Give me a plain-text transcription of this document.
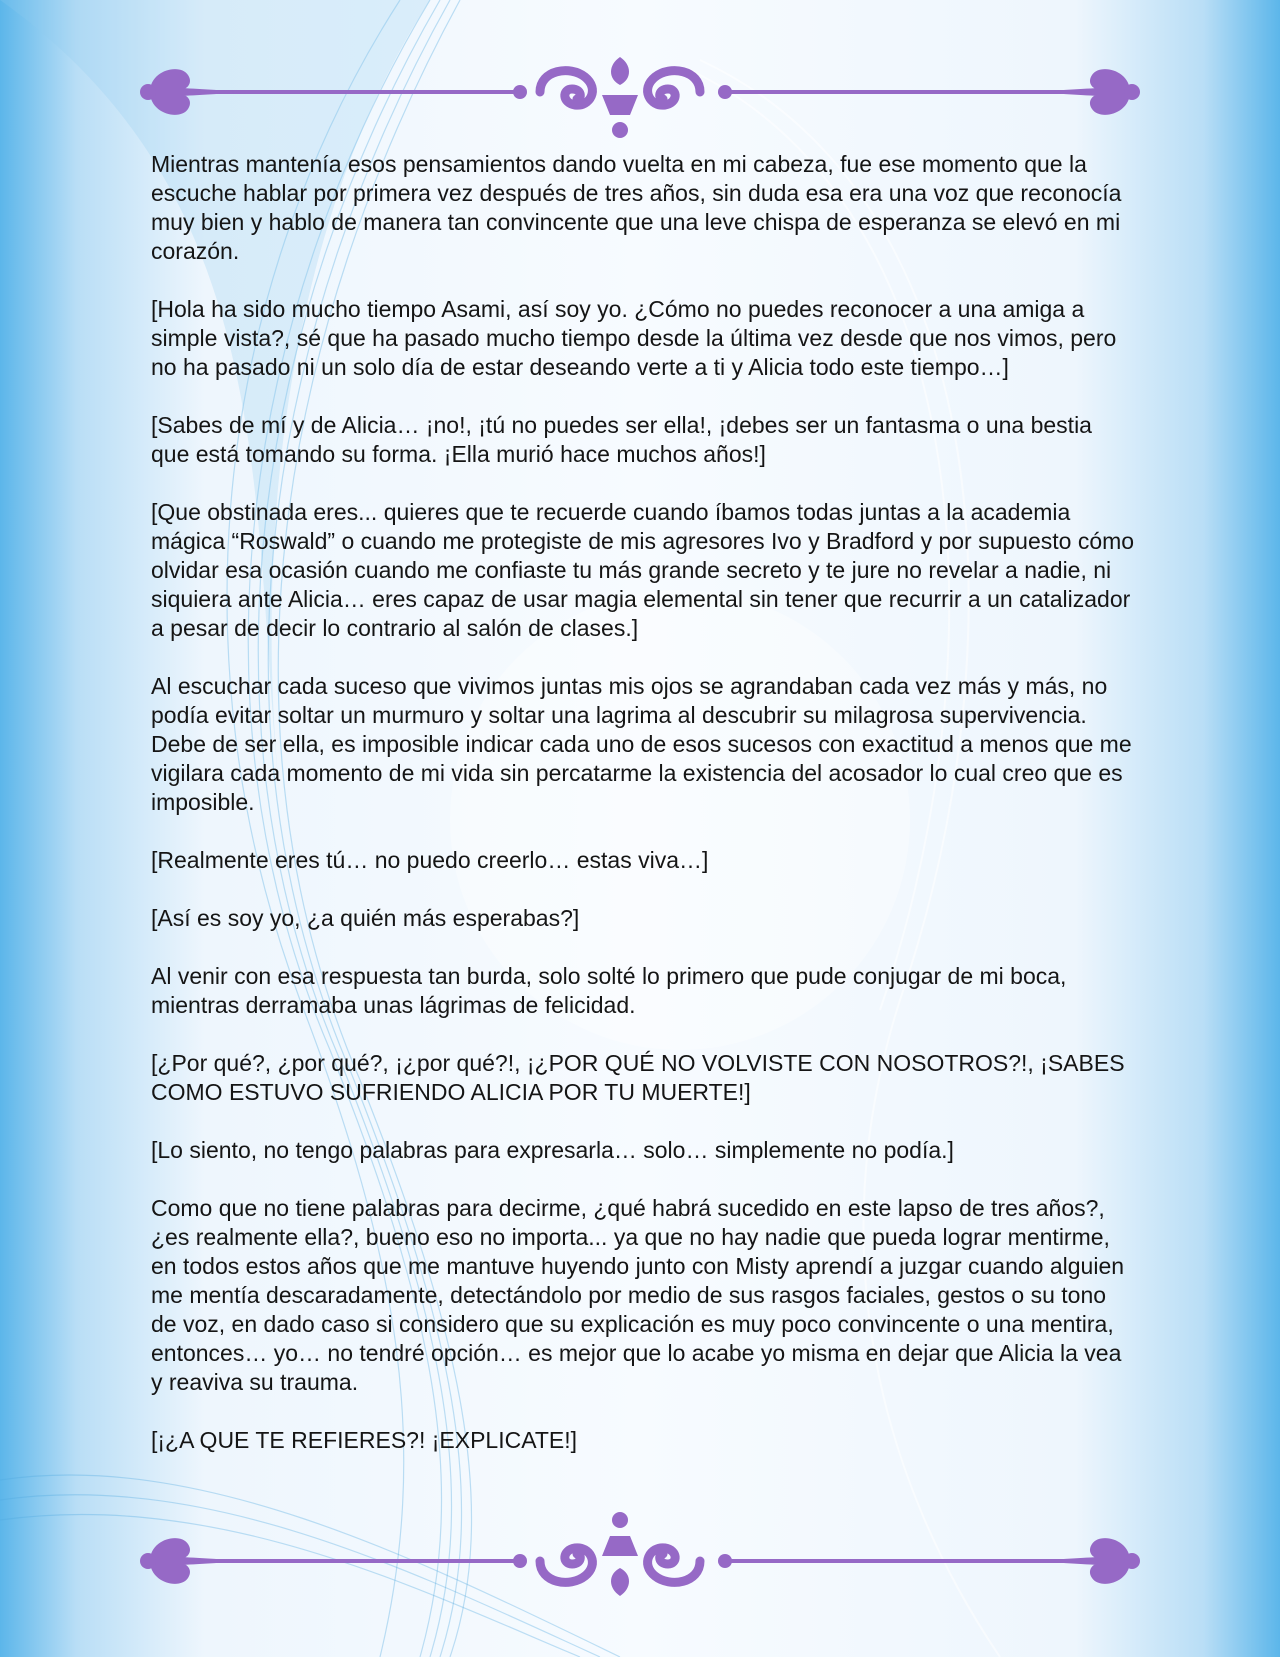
Mientras mantenía esos pensamientos dando vuelta en mi cabeza, fue ese momento que la escuche hablar por primera vez después de tres años, sin duda esa era una voz que reconocía muy bien y hablo de manera tan convincente que una leve chispa de esperanza se elevó en mi corazón.

[Hola ha sido mucho tiempo Asami, así soy yo. ¿Cómo no puedes reconocer a una amiga a simple vista?, sé que ha pasado mucho tiempo desde la última vez desde que nos vimos, pero no ha pasado ni un solo día de estar deseando verte a ti y Alicia todo este tiempo…]

[Sabes de mí y de Alicia… ¡no!, ¡tú no puedes ser ella!, ¡debes ser un fantasma o una bestia que está tomando su forma. ¡Ella murió hace muchos años!]

[Que obstinada eres... quieres que te recuerde cuando íbamos todas juntas a la academia mágica “Roswald” o cuando me protegiste de mis agresores Ivo y Bradford y por supuesto cómo olvidar esa ocasión cuando me confiaste tu más grande secreto y te jure no revelar a nadie, ni siquiera ante Alicia… eres capaz de usar magia elemental sin tener que recurrir a un catalizador a pesar de decir lo contrario al salón de clases.]

Al escuchar cada suceso que vivimos juntas mis ojos se agrandaban cada vez más y más, no podía evitar soltar un murmuro y soltar una lagrima al descubrir su milagrosa supervivencia. Debe de ser ella, es imposible indicar cada uno de esos sucesos con exactitud a menos que me vigilara cada momento de mi vida sin percatarme la existencia del acosador lo cual creo que es imposible.

[Realmente eres tú… no puedo creerlo… estas viva…]

[Así es soy yo, ¿a quién más esperabas?]

Al venir con esa respuesta tan burda, solo solté lo primero que pude conjugar de mi boca, mientras derramaba unas lágrimas de felicidad.

[¿Por qué?, ¿por qué?, ¡¿por qué?!, ¡¿POR QUÉ NO VOLVISTE CON NOSOTROS?!, ¡SABES COMO ESTUVO SUFRIENDO ALICIA POR TU MUERTE!]

[Lo siento, no tengo palabras para expresarla… solo… simplemente no podía.]

Como que no tiene palabras para decirme, ¿qué habrá sucedido en este lapso de tres años?, ¿es realmente ella?, bueno eso no importa... ya que no hay nadie que pueda lograr mentirme, en todos estos años que me mantuve huyendo junto con Misty aprendí a juzgar cuando alguien me mentía descaradamente, detectándolo por medio de sus rasgos faciales, gestos o su tono de voz, en dado caso si considero que su explicación es muy poco convincente o una mentira, entonces… yo… no tendré opción… es mejor que lo acabe yo misma en dejar que Alicia la vea y reaviva su trauma.

[¡¿A QUE TE REFIERES?! ¡EXPLICATE!]
